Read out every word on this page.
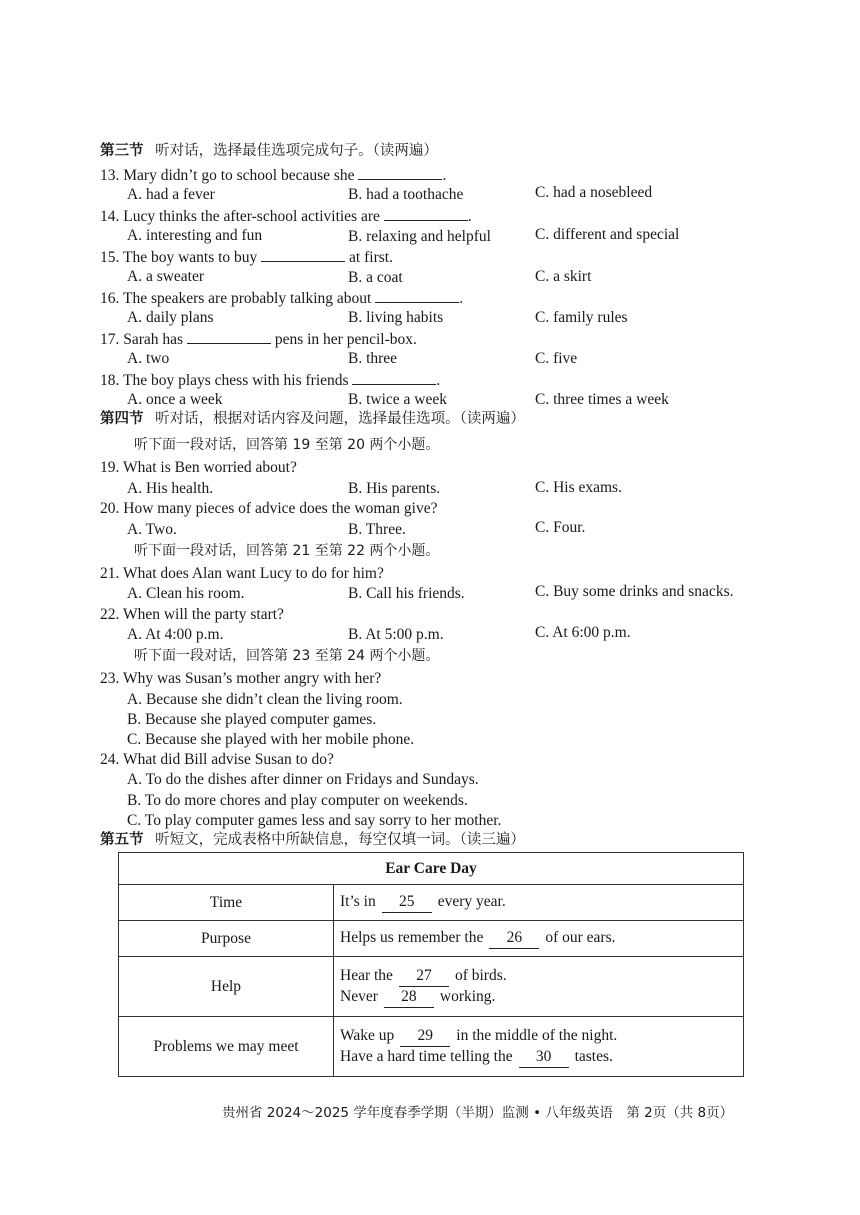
第三节 听对话，选择最佳选项完成句子。（读两遍）
13. Mary didn’t go to school because she	.
A. had a fever	B. had a toothache	C. had a nosebleed
14. Lucy thinks the after-school activities are	.
A. interesting and fun	B. relaxing and helpful	C. different and special
15. The boy wants to buy	at first.
A. a sweater	B. a coat	C. a skirt
16. The speakers are probably talking about	.
A. daily plans	B. living habits	C. family rules
17. Sarah has	pens in her pencil-box.
A. two	B. three	C. five
18. The boy plays chess with his friends	.
A. once a week	B. twice a week	C. three times a week
第四节 听对话，根据对话内容及问题，选择最佳选项。（读两遍）
听下面一段对话，回答第 19 至第 20 两个小题。
19. What is Ben worried about?
A. His health.	B. His parents.	C. His exams.
20. How many pieces of advice does the woman give?
A. Two.	B. Three.	C. Four.
听下面一段对话，回答第 21 至第 22 两个小题。
21. What does Alan want Lucy to do for him?
A. Clean his room.	B. Call his friends.	C. Buy some drinks and snacks.
22. When will the party start?
A. At 4:00 p.m.	B. At 5:00 p.m.	C. At 6:00 p.m.
听下面一段对话，回答第 23 至第 24 两个小题。
23. Why was Susan’s mother angry with her?
A. Because she didn’t clean the living room.
B. Because she played computer games.
C. Because she played with her mobile phone.
24. What did Bill advise Susan to do?
A. To do the dishes after dinner on Fridays and Sundays.
B. To do more chores and play computer on weekends.
C. To play computer games less and say sorry to her mother.
第五节 听短文，完成表格中所缺信息，每空仅填一词。（读三遍）
Ear Care Day	
Time	It’s in 25 every year.
Purpose	Helps us remember the 26 of our ears.
Help	Hear the 27 of birds.
Never 28 working.

Problems we may meet	Wake up 29 in the middle of the night.
Have a hard time telling the 30 tastes.
贵州省 2024～2025 学年度春季学期（半期）监测 • 八年级英语　第 2页（共 8页）
